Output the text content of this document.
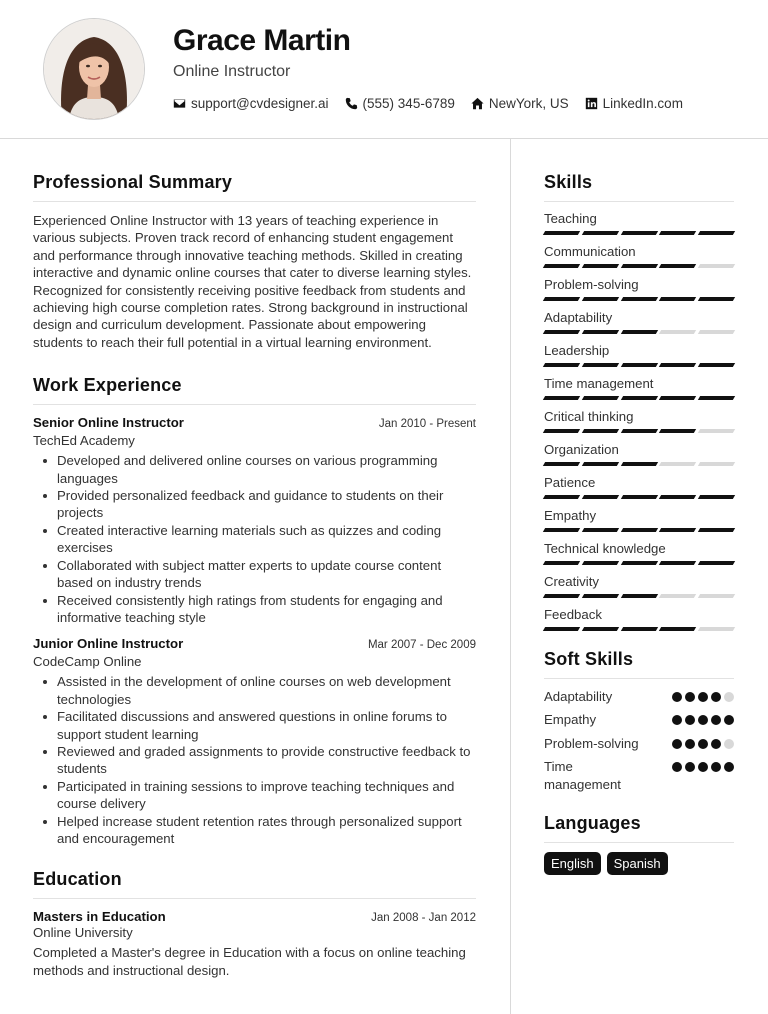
Grace Martin
Online Instructor
support@cvdesigner.ai	(555) 345-6789	NewYork, US	LinkedIn.com
Professional Summary
Experienced Online Instructor with 13 years of teaching experience in various subjects. Proven track record of enhancing student engagement and performance through innovative teaching methods. Skilled in creating interactive and dynamic online courses that cater to diverse learning styles. Recognized for consistently receiving positive feedback from students and achieving high course completion rates. Strong background in instructional design and curriculum development. Passionate about empowering students to reach their full potential in a virtual learning environment.
Work Experience
Senior Online Instructor	Jan 2010 - Present
TechEd Academy
Developed and delivered online courses on various programming languages
Provided personalized feedback and guidance to students on their projects
Created interactive learning materials such as quizzes and coding exercises
Collaborated with subject matter experts to update course content based on industry trends
Received consistently high ratings from students for engaging and informative teaching style
Junior Online Instructor	Mar 2007 - Dec 2009
CodeCamp Online
Assisted in the development of online courses on web development technologies
Facilitated discussions and answered questions in online forums to support student learning
Reviewed and graded assignments to provide constructive feedback to students
Participated in training sessions to improve teaching techniques and course delivery
Helped increase student retention rates through personalized support and encouragement
Education
Masters in Education	Jan 2008 - Jan 2012
Online University
Completed a Master's degree in Education with a focus on online teaching methods and instructional design.
Skills
Teaching
Communication
Problem-solving
Adaptability
Leadership
Time management
Critical thinking
Organization
Patience
Empathy
Technical knowledge
Creativity
Feedback
Soft Skills
Adaptability
Empathy
Problem-solving
Time management
Languages
English	Spanish
